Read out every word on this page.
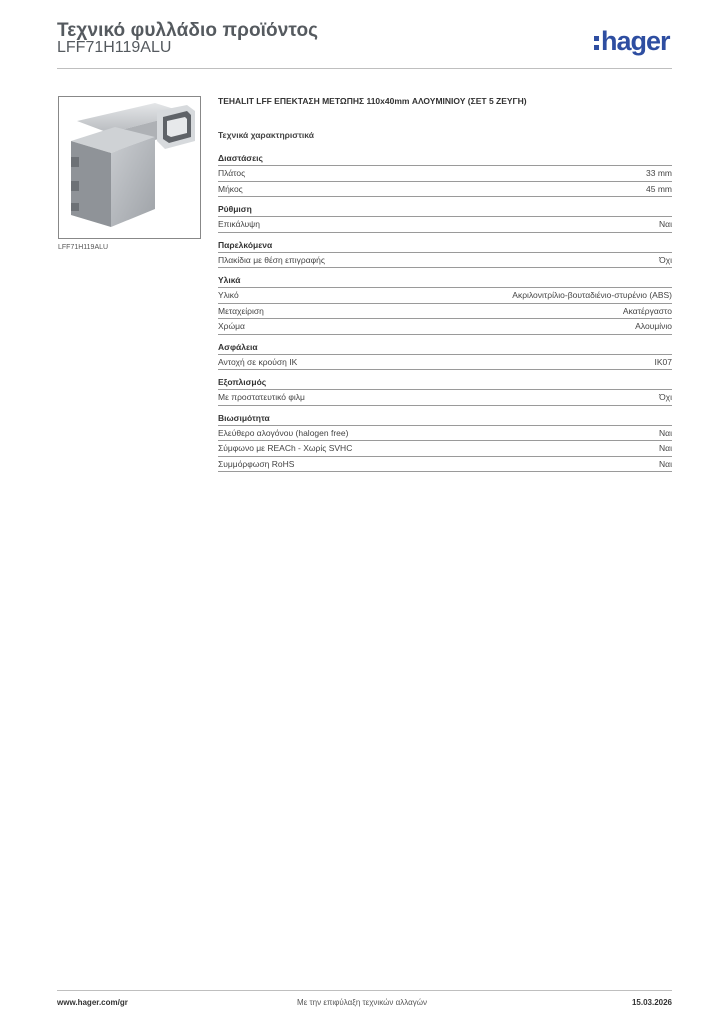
Τεχνικό φυλλάδιο προϊόντος
LFF71H119ALU	hager
LFF71H119ALU
TEHALIT LFF ΕΠΕΚΤΑΣΗ ΜΕΤΩΠΗΣ 110x40mm ΑΛΟΥΜΙΝΙΟΥ (ΣΕΤ 5 ΖΕΥΓΗ)
Τεχνικά χαρακτηριστικά
Διαστάσεις
Πλάτος	33 mm
Μήκος	45 mm
Ρύθμιση
Επικάλυψη	Ναι
Παρελκόμενα
Πλακίδια με θέση επιγραφής	Όχι
Υλικά
Υλικό	Ακριλονιτρίλιο-βουταδιένιο-στυρένιο (ABS)
Μεταχείριση	Ακατέργαστο
Χρώμα	Αλουμίνιο
Ασφάλεια
Αντοχή σε κρούση IK	IK07
Εξοπλισμός
Με προστατευτικό φιλμ	Όχι
Βιωσιμότητα
Ελεύθερο αλογόνου (halogen free)	Ναι
Σύμφωνο με REACh - Χωρίς SVHC	Ναι
Συμμόρφωση RoHS	Ναι
www.hager.com/gr	Με την επιφύλαξη τεχνικών αλλαγών	15.03.2026
